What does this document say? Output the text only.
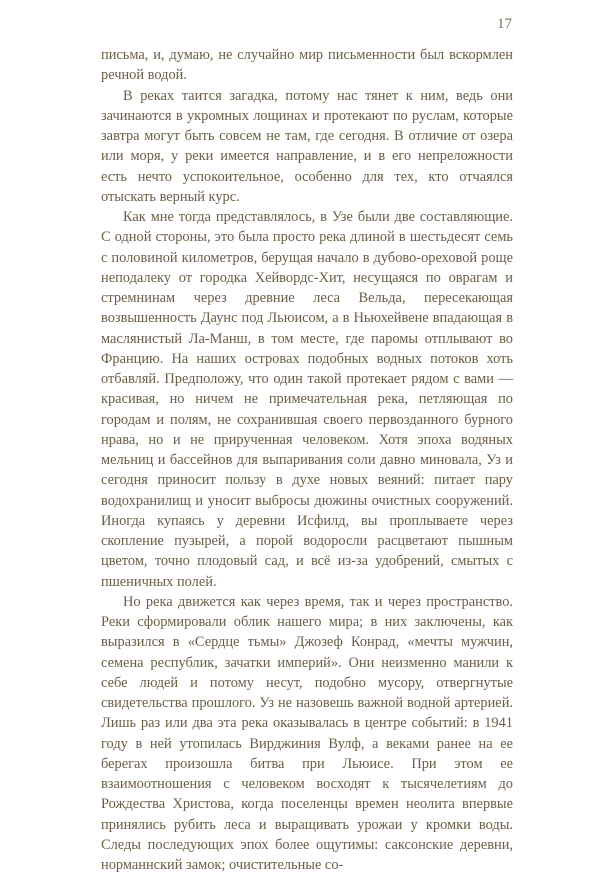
17

письма, и, думаю, не случайно мир письменности был вскормлен речной водой.

В реках таится загадка, потому нас тянет к ним, ведь они зачинаются в укромных лощинах и протекают по руслам, которые завтра могут быть совсем не там, где сегодня. В отличие от озера или моря, у реки имеется направление, и в его непреложности есть нечто успокоительное, особенно для тех, кто отчаялся отыскать верный курс.

Как мне тогда представлялось, в Узе были две составляющие. С одной стороны, это была просто река длиной в шестьдесят семь с половиной километров, берущая начало в дубово-ореховой роще неподалеку от городка Хейвордс-Хит, несущаяся по оврагам и стремнинам через древние леса Вельда, пересекающая возвышенность Даунс под Льюисом, а в Ньюхейвене впадающая в маслянистый Ла-Манш, в том месте, где паромы отплывают во Францию. На наших островах подобных водных потоков хоть отбавляй. Предположу, что один такой протекает рядом с вами — красивая, но ничем не примечательная река, петляющая по городам и полям, не сохранившая своего первозданного бурного нрава, но и не прирученная человеком. Хотя эпоха водяных мельниц и бассейнов для выпаривания соли давно миновала, Уз и сегодня приносит пользу в духе новых веяний: питает пару водохранилищ и уносит выбросы дюжины очистных сооружений. Иногда купаясь у деревни Исфилд, вы проплываете через скопление пузырей, а порой водоросли расцветают пышным цветом, точно плодовый сад, и всё из-за удобрений, смытых с пшеничных полей.

Но река движется как через время, так и через пространство. Реки сформировали облик нашего мира; в них заключены, как выразился в «Сердце тьмы» Джозеф Конрад, «мечты мужчин, семена республик, зачатки империй». Они неизменно манили к себе людей и потому несут, подобно мусору, отвергнутые свидетельства прошлого. Уз не назовешь важной водной артерией. Лишь раз или два эта река оказывалась в центре событий: в 1941 году в ней утопилась Вирджиния Вулф, а веками ранее на ее берегах произошла битва при Льюисе. При этом ее взаимоотношения с человеком восходят к тысячелетиям до Рождества Христова, когда поселенцы времен неолита впервые принялись рубить леса и выращивать урожаи у кромки воды. Следы последующих эпох более ощутимы: саксонские деревни, норманнский замок; очистительные со-
